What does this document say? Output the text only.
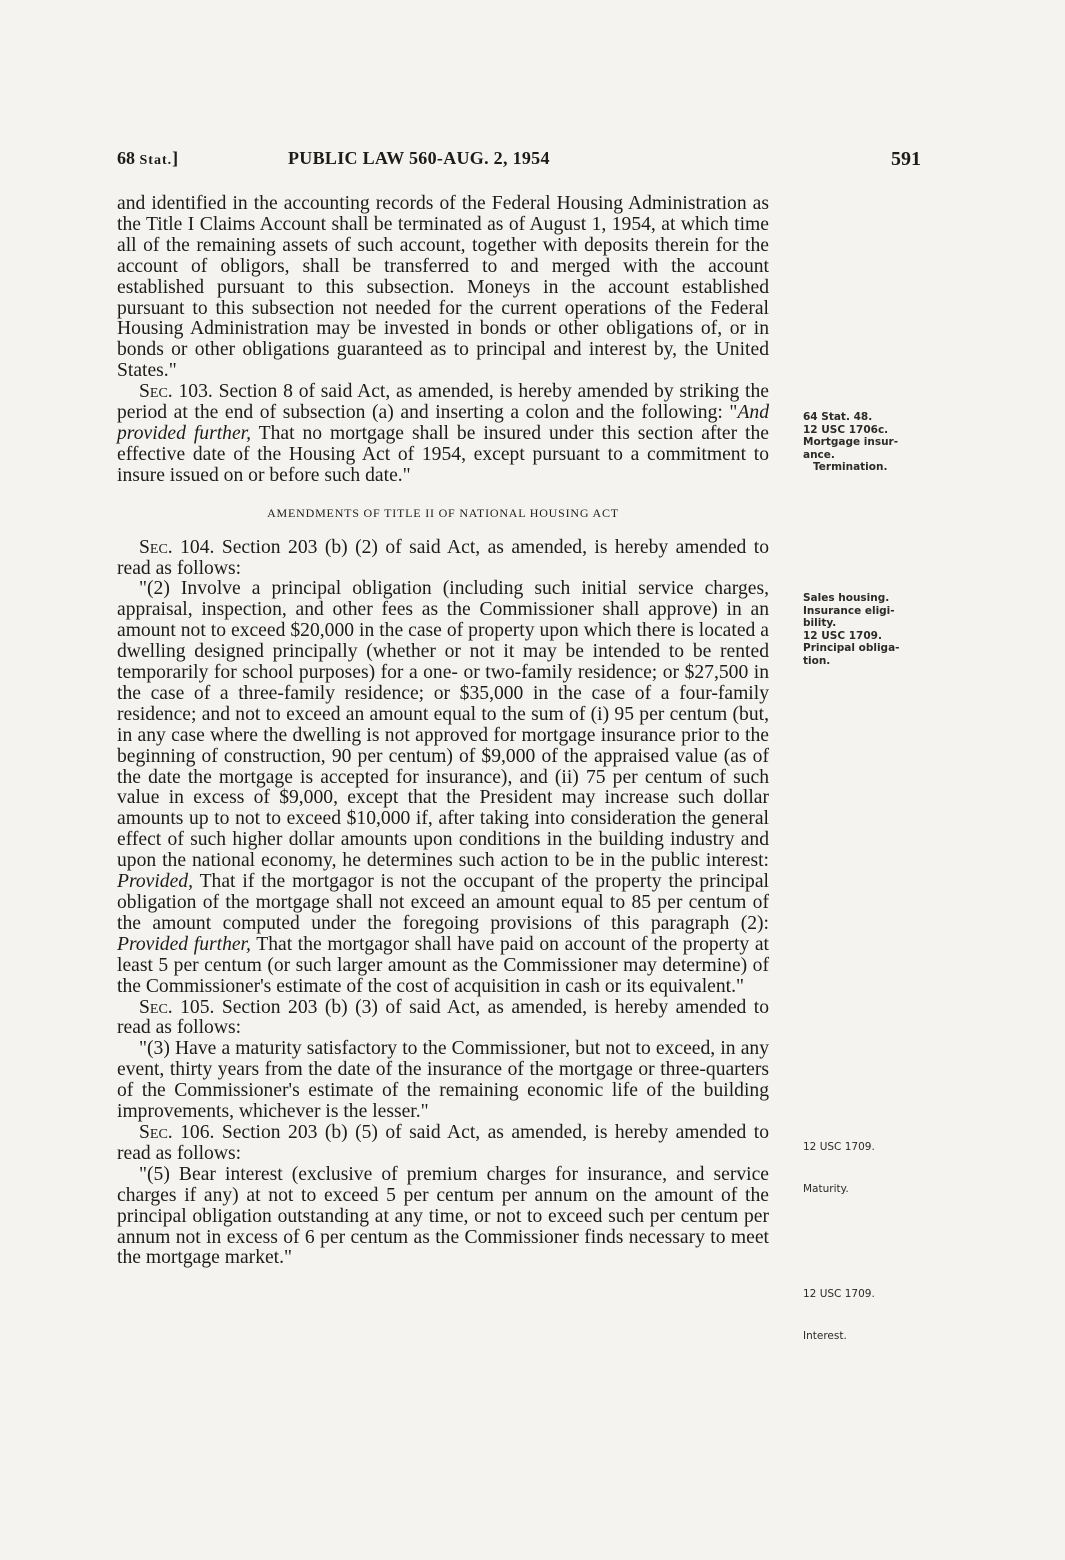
68 Stat.]	PUBLIC LAW 560-AUG. 2, 1954	591

and identified in the accounting records of the Federal Housing Administration as the Title I Claims Account shall be terminated as of August 1, 1954, at which time all of the remaining assets of such account, together with deposits therein for the account of obligors, shall be transferred to and merged with the account established pursuant to this subsection. Moneys in the account established pursuant to this subsection not needed for the current operations of the Federal Housing Administration may be invested in bonds or other obligations of, or in bonds or other obligations guaranteed as to principal and interest by, the United States."

Sec. 103. Section 8 of said Act, as amended, is hereby amended by striking the period at the end of subsection (a) and inserting a colon and the following: "And provided further, That no mortgage shall be insured under this section after the effective date of the Housing Act of 1954, except pursuant to a commitment to insure issued on or before such date."

AMENDMENTS OF TITLE II OF NATIONAL HOUSING ACT

Sec. 104. Section 203 (b) (2) of said Act, as amended, is hereby amended to read as follows:

"(2) Involve a principal obligation (including such initial service charges, appraisal, inspection, and other fees as the Commissioner shall approve) in an amount not to exceed $20,000 in the case of property upon which there is located a dwelling designed principally (whether or not it may be intended to be rented temporarily for school purposes) for a one- or two-family residence; or $27,500 in the case of a three-family residence; or $35,000 in the case of a four-family residence; and not to exceed an amount equal to the sum of (i) 95 per centum (but, in any case where the dwelling is not approved for mortgage insurance prior to the beginning of construction, 90 per centum) of $9,000 of the appraised value (as of the date the mortgage is accepted for insurance), and (ii) 75 per centum of such value in excess of $9,000, except that the President may increase such dollar amounts up to not to exceed $10,000 if, after taking into consideration the general effect of such higher dollar amounts upon conditions in the building industry and upon the national economy, he determines such action to be in the public interest: Provided, That if the mortgagor is not the occupant of the property the principal obligation of the mortgage shall not exceed an amount equal to 85 per centum of the amount computed under the foregoing provisions of this paragraph (2): Provided further, That the mortgagor shall have paid on account of the property at least 5 per centum (or such larger amount as the Commissioner may determine) of the Commissioner's estimate of the cost of acquisition in cash or its equivalent."

Sec. 105. Section 203 (b) (3) of said Act, as amended, is hereby amended to read as follows:

"(3) Have a maturity satisfactory to the Commissioner, but not to exceed, in any event, thirty years from the date of the insurance of the mortgage or three-quarters of the Commissioner's estimate of the remaining economic life of the building improvements, whichever is the lesser."

Sec. 106. Section 203 (b) (5) of said Act, as amended, is hereby amended to read as follows:

"(5) Bear interest (exclusive of premium charges for insurance, and service charges if any) at not to exceed 5 per centum per annum on the amount of the principal obligation outstanding at any time, or not to exceed such per centum per annum not in excess of 6 per centum as the Commissioner finds necessary to meet the mortgage market."

64 Stat. 48.
12 USC 1706c.
Mortgage insur-
ance.
Termination.
Sales housing.
Insurance eligi-
bility.
12 USC 1709.
Principal obliga-
tion.
12 USC 1709.
Maturity.
12 USC 1709.
Interest.
